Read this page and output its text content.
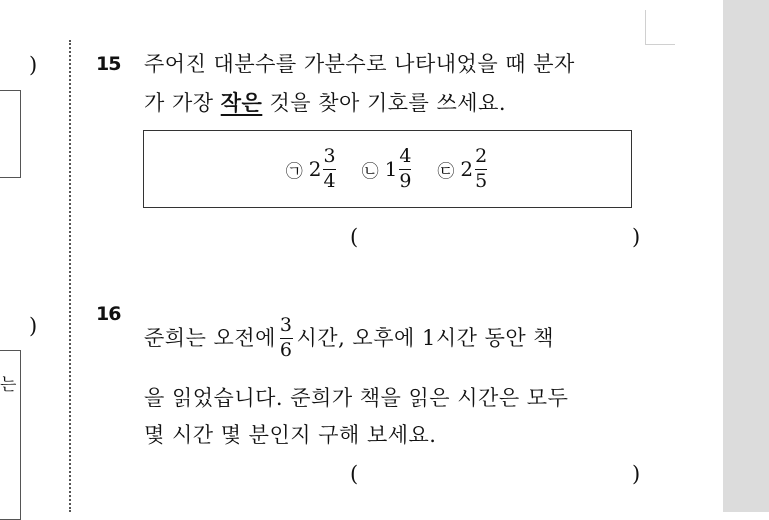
)
)
는
15 주어진 대분수를 가분수로 나타내었을 때 분자
가 가장 작은 것을 찾아 기호를 쓰세요.
㉠ $2 \frac{3}{4}$ ㉡ $1 \frac{4}{9}$ ㉢ $2 \frac{2}{5}$
(	)
16
준희는 오전에 $\frac{3}{6}$ 시간, 오후에 1시간 동안 책
을 읽었습니다. 준희가 책을 읽은 시간은 모두
몇 시간 몇 분인지 구해 보세요.
(	)
